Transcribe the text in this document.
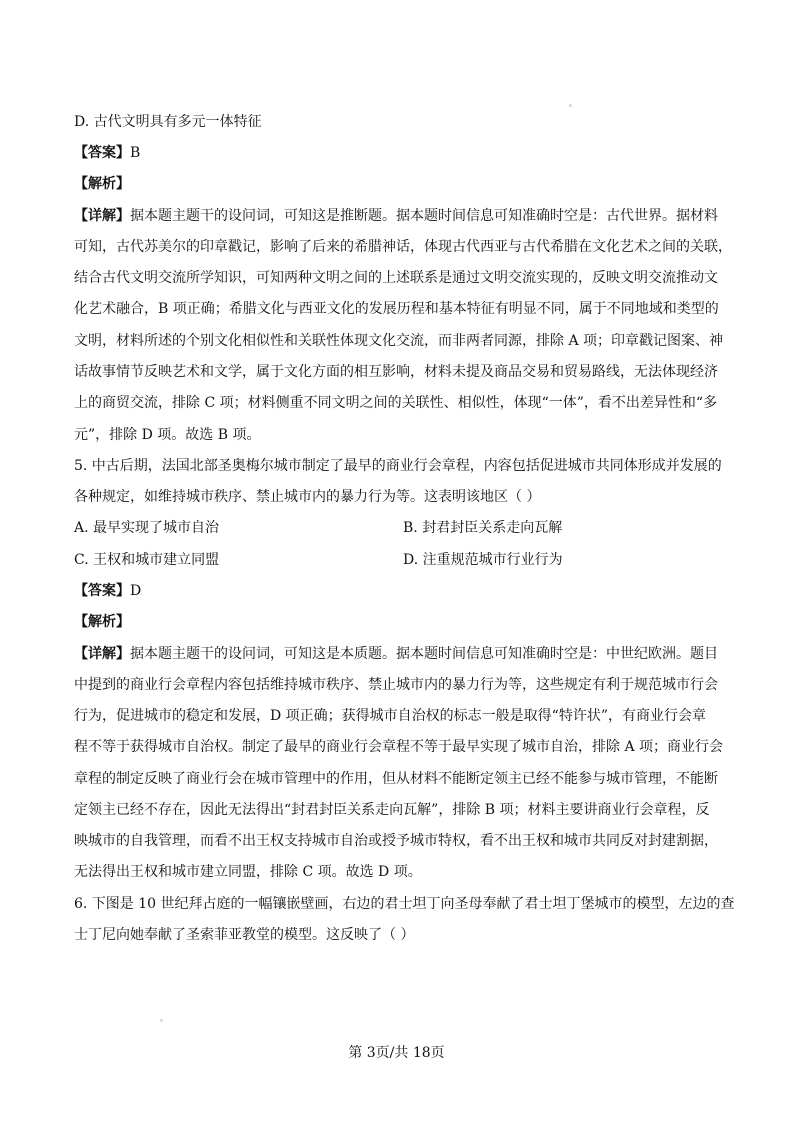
D. 古代文明具有多元一体特征
【答案】B
【解析】
【详解】据本题主题干的设问词，可知这是推断题。据本题时间信息可知准确时空是：古代世界。据材料
可知，古代苏美尔的印章戳记，影响了后来的希腊神话，体现古代西亚与古代希腊在文化艺术之间的关联，
结合古代文明交流所学知识，可知两种文明之间的上述联系是通过文明交流实现的，反映文明交流推动文
化艺术融合，B 项正确；希腊文化与西亚文化的发展历程和基本特征有明显不同，属于不同地域和类型的
文明，材料所述的个别文化相似性和关联性体现文化交流，而非两者同源，排除 A 项；印章戳记图案、神
话故事情节反映艺术和文学，属于文化方面的相互影响，材料未提及商品交易和贸易路线，无法体现经济
上的商贸交流，排除 C 项；材料侧重不同文明之间的关联性、相似性，体现“一体”，看不出差异性和“多
元”，排除 D 项。故选 B 项。
5. 中古后期，法国北部圣奥梅尔城市制定了最早的商业行会章程，内容包括促进城市共同体形成并发展的
各种规定，如维持城市秩序、禁止城市内的暴力行为等。这表明该地区（ ）
A. 最早实现了城市自治	B. 封君封臣关系走向瓦解
C. 王权和城市建立同盟	D. 注重规范城市行业行为
【答案】D
【解析】
【详解】据本题主题干的设问词，可知这是本质题。据本题时间信息可知准确时空是：中世纪欧洲。题目
中提到的商业行会章程内容包括维持城市秩序、禁止城市内的暴力行为等，这些规定有利于规范城市行会
行为，促进城市的稳定和发展，D 项正确；获得城市自治权的标志一般是取得“特许状”，有商业行会章
程不等于获得城市自治权。制定了最早的商业行会章程不等于最早实现了城市自治，排除 A 项；商业行会
章程的制定反映了商业行会在城市管理中的作用，但从材料不能断定领主已经不能参与城市管理，不能断
定领主已经不存在，因此无法得出“封君封臣关系走向瓦解”，排除 B 项；材料主要讲商业行会章程，反
映城市的自我管理，而看不出王权支持城市自治或授予城市特权，看不出王权和城市共同反对封建割据，
无法得出王权和城市建立同盟，排除 C 项。故选 D 项。
6. 下图是 10 世纪拜占庭的一幅镶嵌壁画，右边的君士坦丁向圣母奉献了君士坦丁堡城市的模型，左边的查
士丁尼向她奉献了圣索菲亚教堂的模型。这反映了（ ）
第 3页/共 18页
